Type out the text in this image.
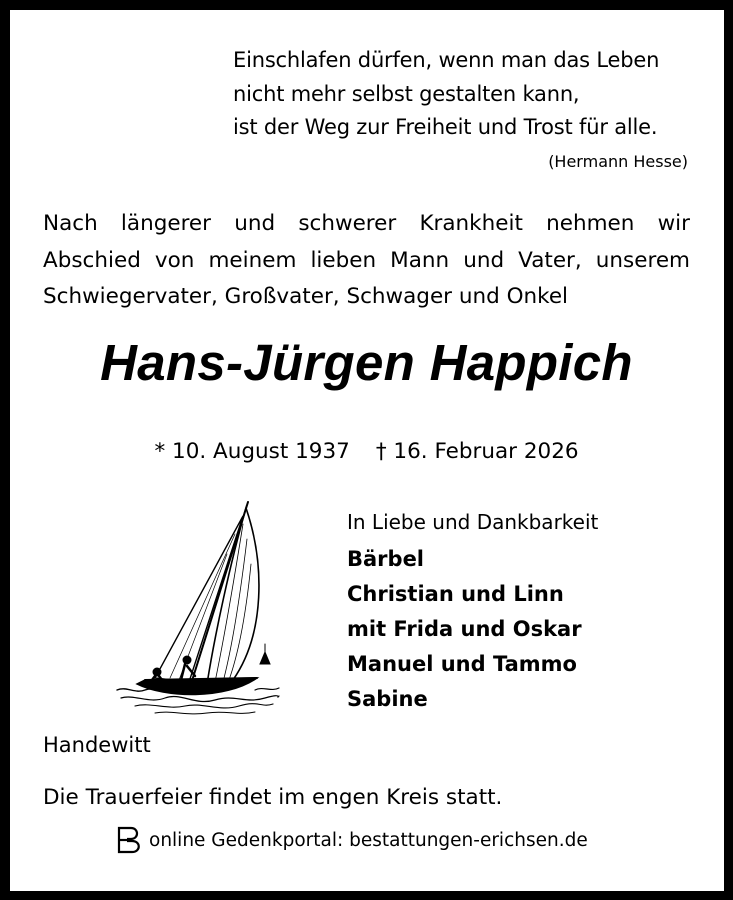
Einschlafen dürfen, wenn man das Leben
nicht mehr selbst gestalten kann,
ist der Weg zur Freiheit und Trost für alle.
(Hermann Hesse)
Nach längerer und schwerer Krankheit nehmen wir
Abschied von meinem lieben Mann und Vater, unserem
Schwiegervater, Großvater, Schwager und Onkel
Hans-Jürgen Happich
* 10. August 1937 † 16. Februar 2026
In Liebe und Dankbarkeit
Bärbel
Christian und Linn
mit Frida und Oskar
Manuel und Tammo
Sabine
Handewitt
Die Trauerfeier findet im engen Kreis statt.
online Gedenkportal: bestattungen-erichsen.de
